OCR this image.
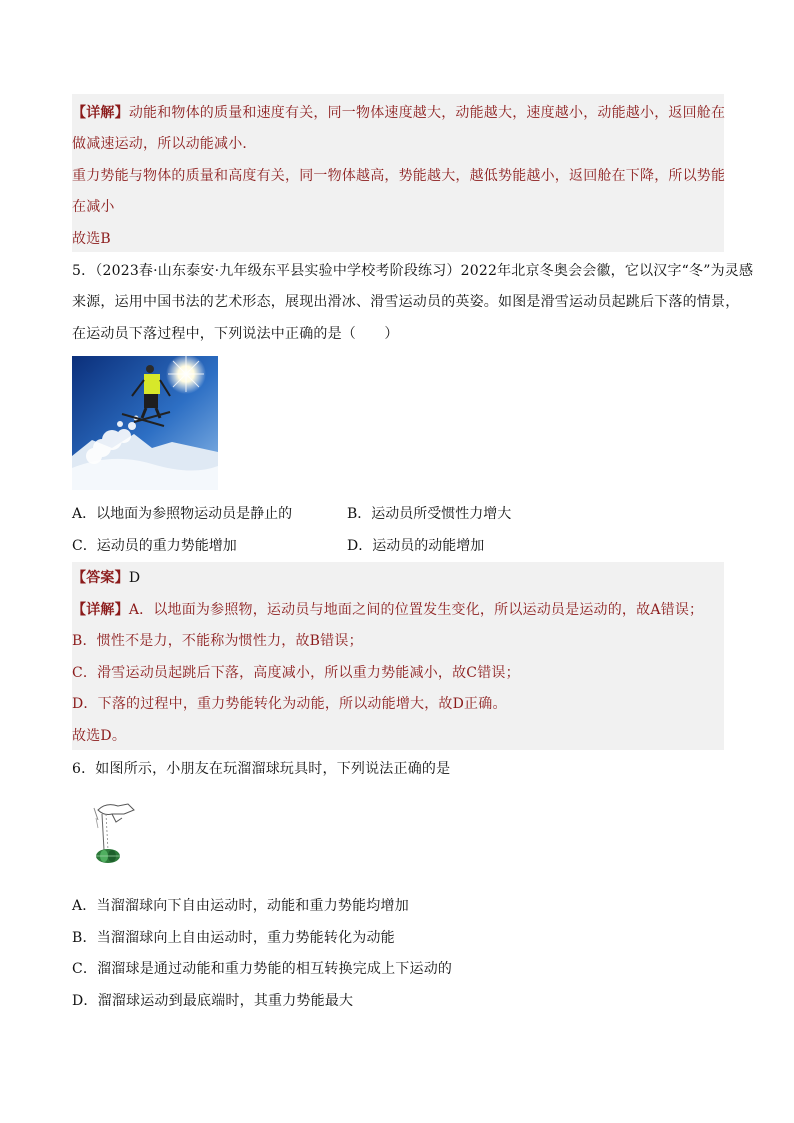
【详解】动能和物体的质量和速度有关，同一物体速度越大，动能越大，速度越小，动能越小，返回舱在
做减速运动，所以动能减小．
重力势能与物体的质量和高度有关，同一物体越高，势能越大，越低势能越小，返回舱在下降，所以势能
在减小
故选B
5．（2023春·山东泰安·九年级东平县实验中学校考阶段练习）2022年北京冬奥会会徽，它以汉字“冬”为灵感
来源，运用中国书法的艺术形态，展现出滑冰、滑雪运动员的英姿。如图是滑雪运动员起跳后下落的情景，
在运动员下落过程中，下列说法中正确的是（　　）
A．以地面为参照物运动员是静止的	B．运动员所受惯性力增大
C．运动员的重力势能增加	D．运动员的动能增加
【答案】D
【详解】A．以地面为参照物，运动员与地面之间的位置发生变化，所以运动员是运动的，故A错误；
B．惯性不是力，不能称为惯性力，故B错误；
C．滑雪运动员起跳后下落，高度减小，所以重力势能减小，故C错误；
D．下落的过程中，重力势能转化为动能，所以动能增大，故D正确。
故选D。
6．如图所示，小朋友在玩溜溜球玩具时，下列说法正确的是
A．当溜溜球向下自由运动时，动能和重力势能均增加
B．当溜溜球向上自由运动时，重力势能转化为动能
C．溜溜球是通过动能和重力势能的相互转换完成上下运动的
D．溜溜球运动到最底端时，其重力势能最大
